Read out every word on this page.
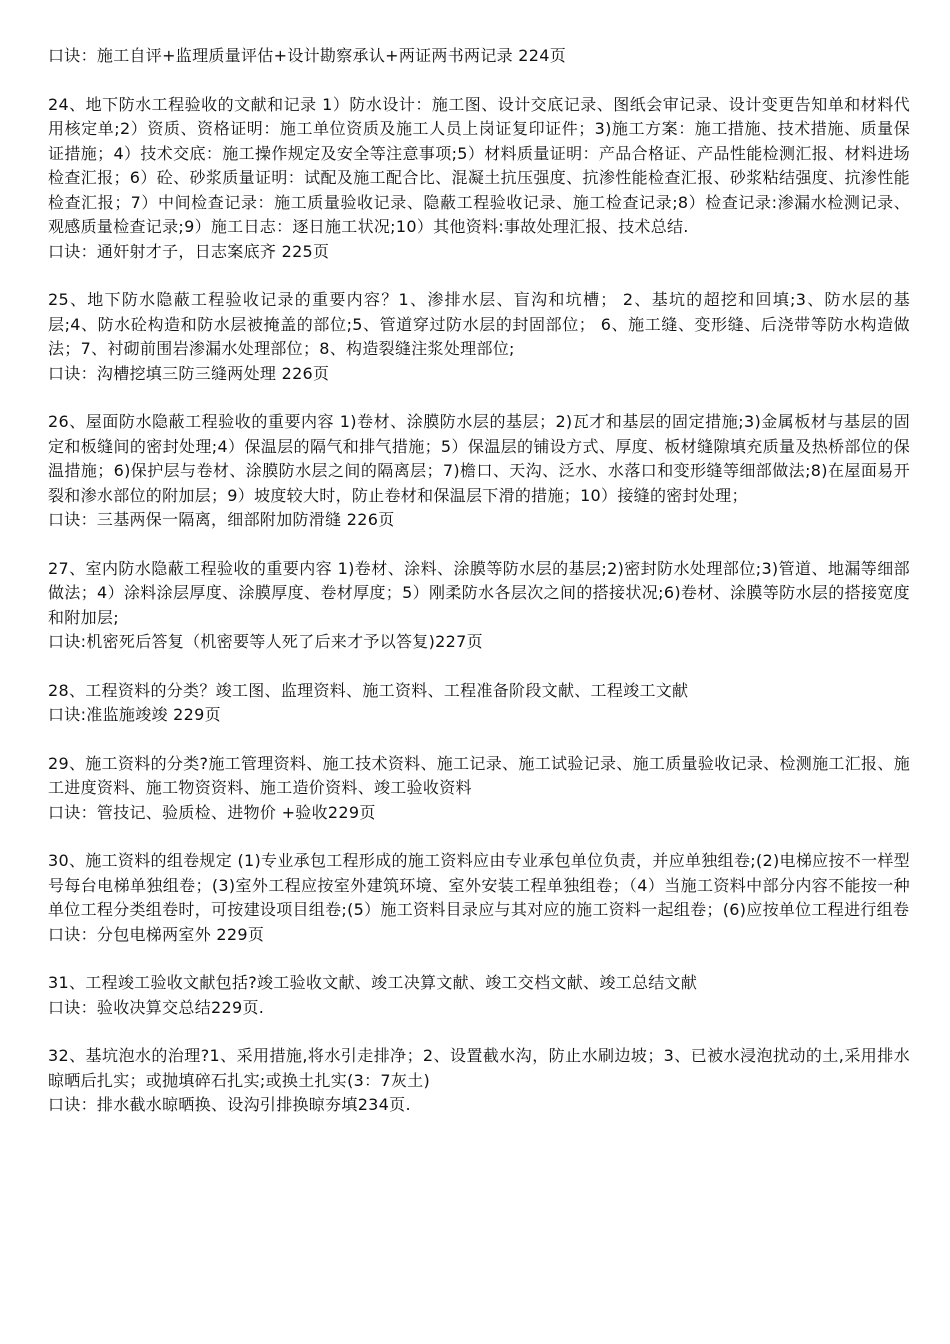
口诀：施工自评+监理质量评估+设计勘察承认+两证两书两记录 224页

24、地下防水工程验收的文献和记录 1）防水设计：施工图、设计交底记录、图纸会审记录、设计变更告知单和材料代用核定单;2）资质、资格证明：施工单位资质及施工人员上岗证复印证件；3)施工方案：施工措施、技术措施、质量保证措施；4）技术交底：施工操作规定及安全等注意事项;5）材料质量证明：产品合格证、产品性能检测汇报、材料进场检查汇报；6）砼、砂浆质量证明：试配及施工配合比、混凝土抗压强度、抗渗性能检查汇报、砂浆粘结强度、抗渗性能检查汇报；7）中间检查记录：施工质量验收记录、隐蔽工程验收记录、施工检查记录;8）检查记录:渗漏水检测记录、观感质量检查记录;9）施工日志：逐日施工状况;10）其他资料:事故处理汇报、技术总结.

口诀：通奸射才子，日志案底齐 225页

25、地下防水隐蔽工程验收记录的重要内容？1、渗排水层、盲沟和坑槽； 2、基坑的超挖和回填;3、防水层的基层;4、防水砼构造和防水层被掩盖的部位;5、管道穿过防水层的封固部位； 6、施工缝、变形缝、后浇带等防水构造做法；7、衬砌前围岩渗漏水处理部位；8、构造裂缝注浆处理部位;

口诀：沟槽挖填三防三缝两处理 226页

26、屋面防水隐蔽工程验收的重要内容 1)卷材、涂膜防水层的基层；2)瓦才和基层的固定措施;3)金属板材与基层的固定和板缝间的密封处理;4）保温层的隔气和排气措施；5）保温层的铺设方式、厚度、板材缝隙填充质量及热桥部位的保温措施；6)保护层与卷材、涂膜防水层之间的隔离层；7)檐口、天沟、泛水、水落口和变形缝等细部做法;8)在屋面易开裂和渗水部位的附加层；9）坡度较大时，防止卷材和保温层下滑的措施；10）接缝的密封处理；

口诀：三基两保一隔离，细部附加防滑缝 226页

27、室内防水隐蔽工程验收的重要内容 1)卷材、涂料、涂膜等防水层的基层;2)密封防水处理部位;3)管道、地漏等细部做法；4）涂料涂层厚度、涂膜厚度、卷材厚度；5）刚柔防水各层次之间的搭接状况;6)卷材、涂膜等防水层的搭接宽度和附加层;

口诀:机密死后答复（机密要等人死了后来才予以答复)227页

28、工程资料的分类？竣工图、监理资料、施工资料、工程准备阶段文献、工程竣工文献

口诀:准监施竣竣 229页

29、施工资料的分类?施工管理资料、施工技术资料、施工记录、施工试验记录、施工质量验收记录、检测施工汇报、施工进度资料、施工物资资料、施工造价资料、竣工验收资料

口诀：管技记、验质检、进物价 +验收229页

30、施工资料的组卷规定 (1)专业承包工程形成的施工资料应由专业承包单位负责，并应单独组卷;(2)电梯应按不一样型号每台电梯单独组卷；(3)室外工程应按室外建筑环境、室外安装工程单独组卷；（4）当施工资料中部分内容不能按一种单位工程分类组卷时，可按建设项目组卷;(5）施工资料目录应与其对应的施工资料一起组卷；(6)应按单位工程进行组卷

口诀：分包电梯两室外 229页

31、工程竣工验收文献包括?竣工验收文献、竣工决算文献、竣工交档文献、竣工总结文献

口诀：验收决算交总结229页.

32、基坑泡水的治理?1、采用措施,将水引走排净；2、设置截水沟，防止水刷边坡；3、已被水浸泡扰动的土,采用排水晾晒后扎实；或抛填碎石扎实;或换土扎实(3：7灰土)

口诀：排水截水晾晒换、设沟引排换晾夯填234页.
